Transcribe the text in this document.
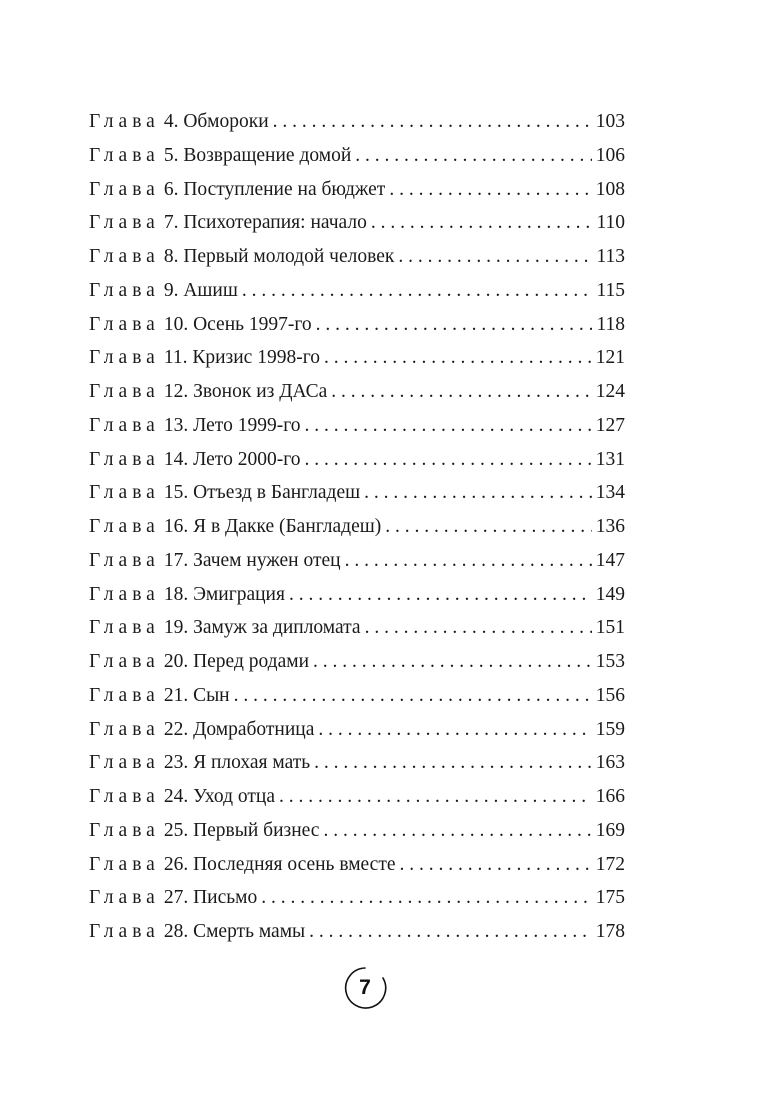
Глава 4. Обмороки . . .	103
Глава 5. Возвращение домой . . .	106
Глава 6. Поступление на бюджет . . .	108
Глава 7. Психотерапия: начало . . .	110
Глава 8. Первый молодой человек . . .	113
Глава 9. Ашиш . . .	115
Глава 10. Осень 1997-го . . .	118
Глава 11. Кризис 1998-го . . .	121
Глава 12. Звонок из ДАСа . . .	124
Глава 13. Лето 1999-го . . .	127
Глава 14. Лето 2000-го . . .	131
Глава 15. Отъезд в Бангладеш . . .	134
Глава 16. Я в Дакке (Бангладеш) . . .	136
Глава 17. Зачем нужен отец . . .	147
Глава 18. Эмиграция . . .	149
Глава 19. Замуж за дипломата . . .	151
Глава 20. Перед родами . . .	153
Глава 21. Сын . . .	156
Глава 22. Домработница . . .	159
Глава 23. Я плохая мать . . .	163
Глава 24. Уход отца . . .	166
Глава 25. Первый бизнес . . .	169
Глава 26. Последняя осень вместе . . .	172
Глава 27. Письмо . . .	175
Глава 28. Смерть мамы . . .	178
7
